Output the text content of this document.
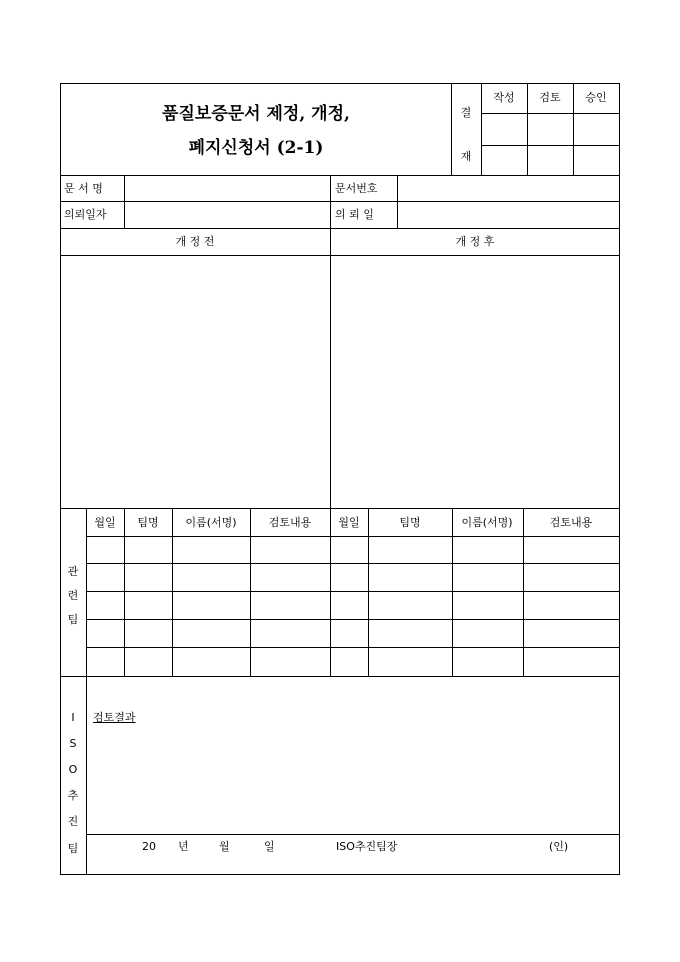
품질보증문서 제정, 개정,
폐지신청서 (2-1)
결
재
작성 검토 승인
문 서 명	문서번호
의뢰일자	의 뢰 일
개 정 전	개 정 후
관
련
팀
월일 팀명 이름(서명)	검토내용 월일	팀명	이름(서명)	검토내용
I
S
O
추
진
팀
검토결과
20 년	월	일	ISO추진팀장	(인)
